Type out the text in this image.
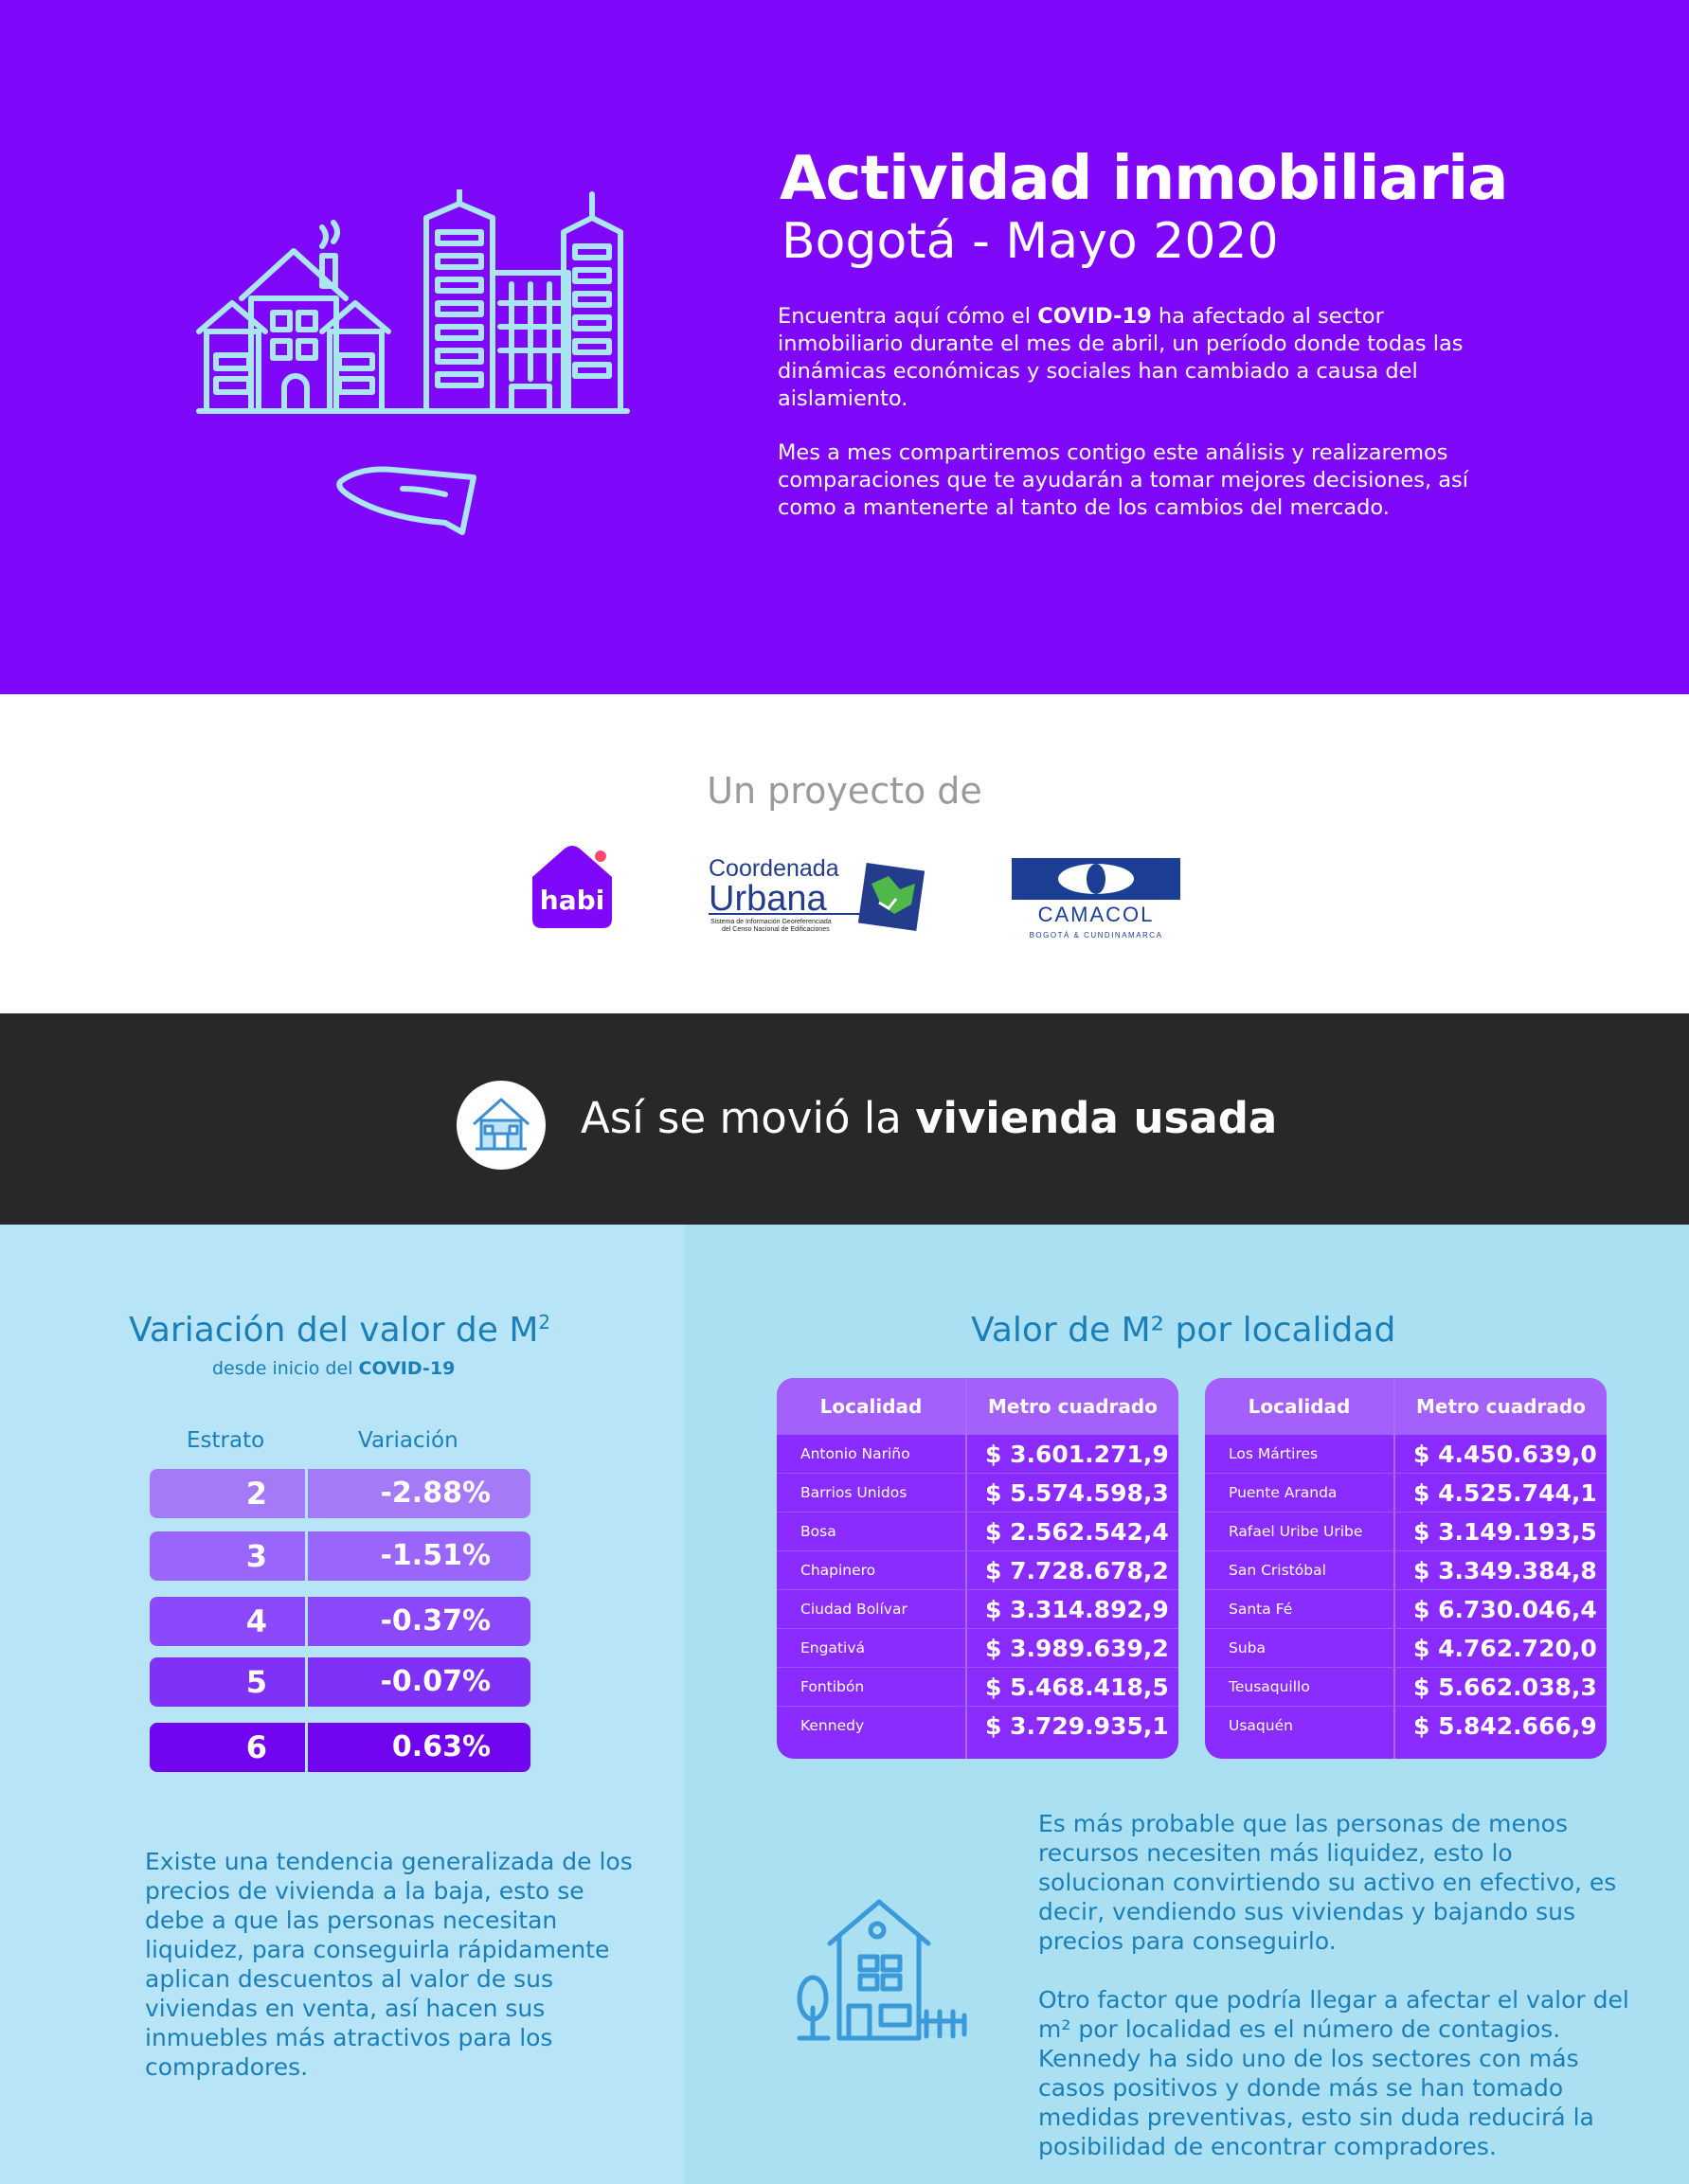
Actividad inmobiliaria
Bogotá - Mayo 2020

Encuentra aquí cómo el COVID-19 ha afectado al sector inmobiliario durante el mes de abril, un período donde todas las dinámicas económicas y sociales han cambiado a causa del aislamiento.

Mes a mes compartiremos contigo este análisis y realizaremos comparaciones que te ayudarán a tomar mejores decisiones, así como a mantenerte al tanto de los cambios del mercado.

Un proyecto de
habi
Coordenada
Urbana
Sistema de Información Georeferenciada
del Censo Nacional de Edificaciones
CAMACOL
BOGOTÁ & CUNDINAMARCA
Así se movió la vivienda usada
Variación del valor de $M^2$
desde inicio del COVID-19
Estrato	Variación
2	-2.88%
3	-1.51%
4	-0.37%
5	-0.07%
6	0.63%

Existe una tendencia generalizada de los precios de vivienda a la baja, esto se debe a que las personas necesitan liquidez, para conseguirla rápidamente aplican descuentos al valor de sus viviendas en venta, así hacen sus inmuebles más atractivos para los compradores.

Valor de M² por localidad
Localidad	Metro cuadrado
Antonio Nariño	$ 3.601.271,9
Barrios Unidos	$ 5.574.598,3
Bosa	$ 2.562.542,4
Chapinero	$ 7.728.678,2
Ciudad Bolívar	$ 3.314.892,9
Engativá	$ 3.989.639,2
Fontibón	$ 5.468.418,5
Kennedy	$ 3.729.935,1
Localidad	Metro cuadrado
Los Mártires	$ 4.450.639,0
Puente Aranda	$ 4.525.744,1
Rafael Uribe Uribe $ 3.149.193,5
San Cristóbal	$ 3.349.384,8
Santa Fé	$ 6.730.046,4
Suba	$ 4.762.720,0
Teusaquillo	$ 5.662.038,3
Usaquén	$ 5.842.666,9

Es más probable que las personas de menos recursos necesiten más liquidez, esto lo solucionan convirtiendo su activo en efectivo, es decir, vendiendo sus viviendas y bajando sus precios para conseguirlo.

Otro factor que podría llegar a afectar el valor del m² por localidad es el número de contagios. Kennedy ha sido uno de los sectores con más casos positivos y donde más se han tomado medidas preventivas, esto sin duda reducirá la posibilidad de encontrar compradores.
